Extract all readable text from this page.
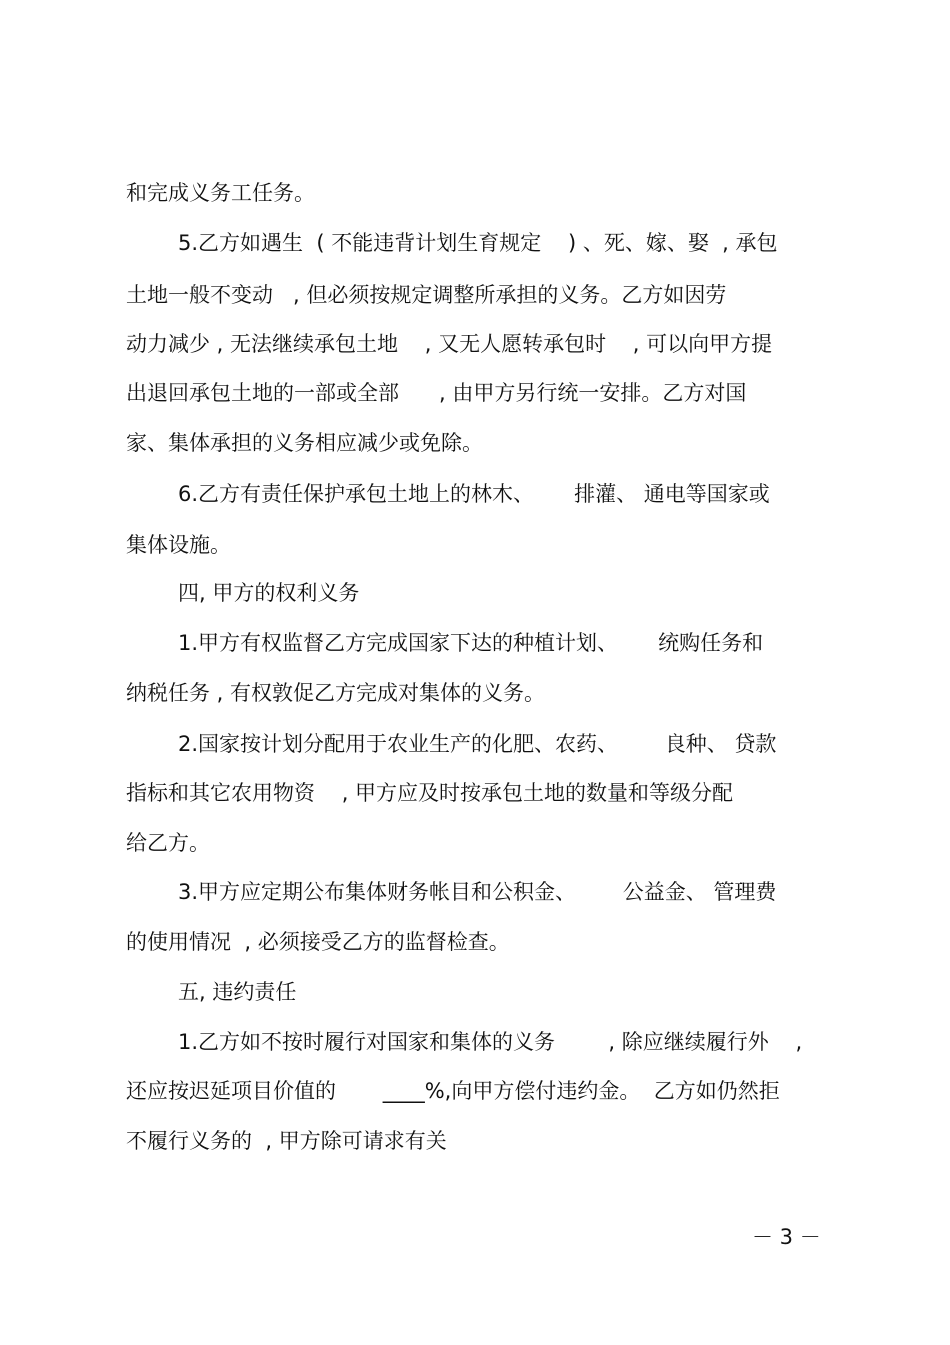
和完成义务工任务。
5.乙方如遇生  ( 不能违背计划生育规定    ) 、死、嫁、娶  , 承包
土地一般不变动   , 但必须按规定调整所承担的义务。乙方如因劳
动力减少 , 无法继续承包土地    , 又无人愿转承包时    , 可以向甲方提
出退回承包土地的一部或全部      , 由甲方另行统一安排。乙方对国
家、集体承担的义务相应减少或免除。
6.乙方有责任保护承包土地上的林木、      排灌、 通电等国家或
集体设施。
四, 甲方的权利义务
1.甲方有权监督乙方完成国家下达的种植计划、      统购任务和
纳税任务 , 有权敦促乙方完成对集体的义务。
2.国家按计划分配用于农业生产的化肥、农药、       良种、 贷款
指标和其它农用物资    , 甲方应及时按承包土地的数量和等级分配
给乙方。
3.甲方应定期公布集体财务帐目和公积金、       公益金、 管理费
的使用情况  , 必须接受乙方的监督检查。
五, 违约责任
1.乙方如不按时履行对国家和集体的义务        , 除应继续履行外    ,
还应按迟延项目价值的       ____%,向甲方偿付违约金。  乙方如仍然拒
不履行义务的  , 甲方除可请求有关
－ 3 －
